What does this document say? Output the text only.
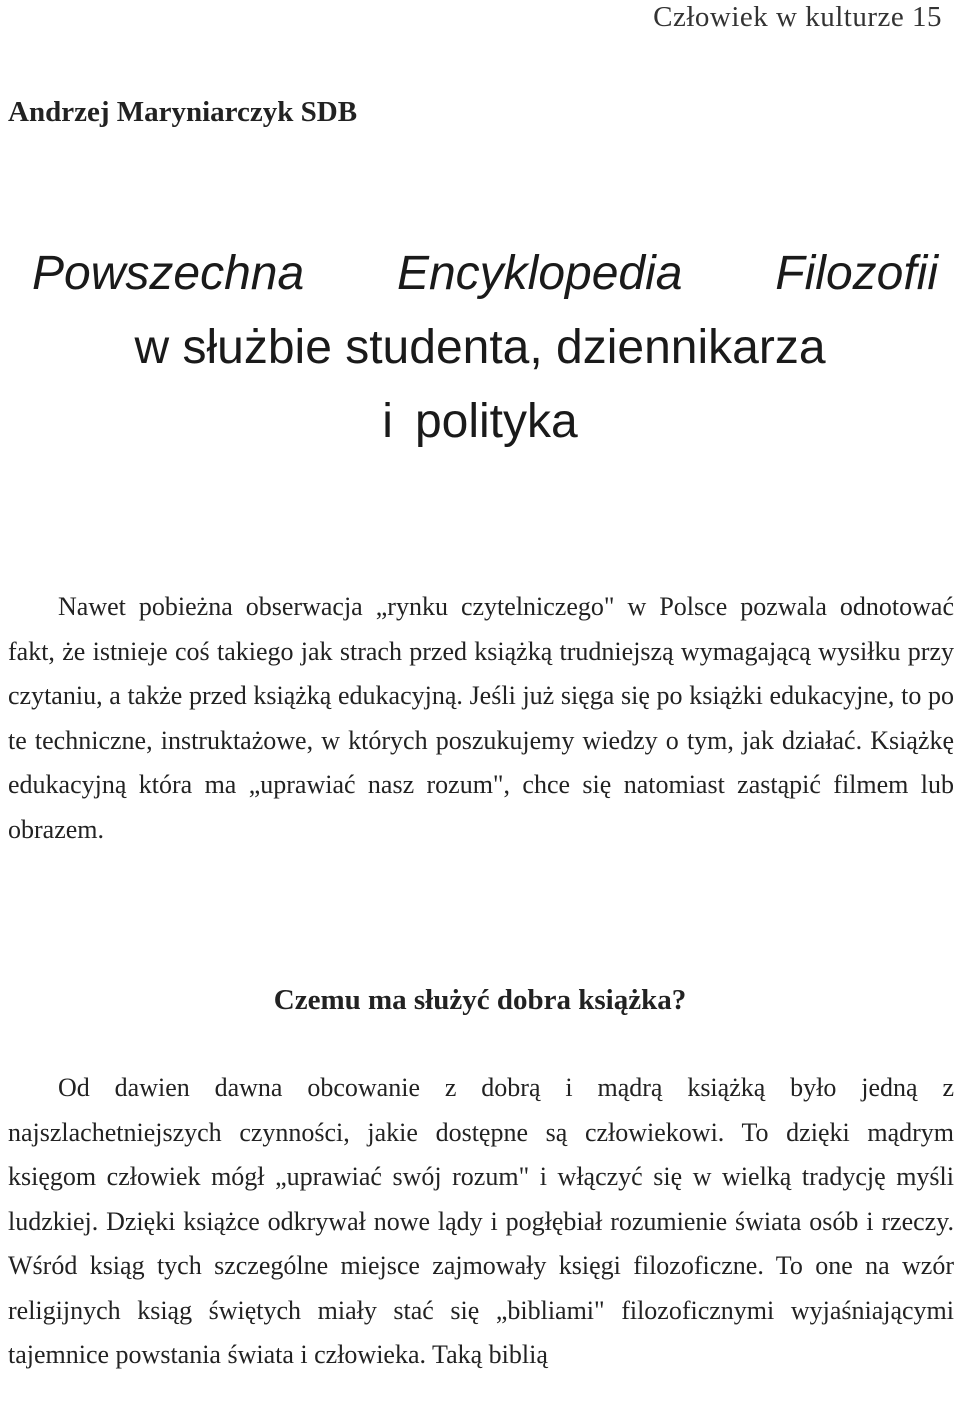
Człowiek w kulturze 15
Andrzej Maryniarczyk SDB
Powszechna Encyklopedia Filozofii
w służbie studenta, dziennikarza
i polityka

Nawet pobieżna obserwacja „rynku czytelniczego" w Polsce pozwala odnotować fakt, że istnieje coś takiego jak strach przed książką trudniejszą wymagającą wysiłku przy czytaniu, a także przed książką edukacyjną. Jeśli już sięga się po książki edukacyjne, to po te techniczne, instruktażowe, w których poszukujemy wiedzy o tym, jak działać. Książkę edukacyjną która ma „uprawiać nasz rozum", chce się natomiast zastąpić filmem lub obrazem.

Czemu ma służyć dobra książka?

Od dawien dawna obcowanie z dobrą i mądrą książką było jedną z najszlachetniejszych czynności, jakie dostępne są człowiekowi. To dzięki mądrym księgom człowiek mógł „uprawiać swój rozum" i włączyć się w wielką tradycję myśli ludzkiej. Dzięki książce odkrywał nowe lądy i pogłębiał rozumienie świata osób i rzeczy. Wśród ksiąg tych szczególne miejsce zajmowały księgi filozoficzne. To one na wzór religijnych ksiąg świętych miały stać się „bibliami" filozoficznymi wyjaśniającymi tajemnice powstania świata i człowieka. Taką biblią
